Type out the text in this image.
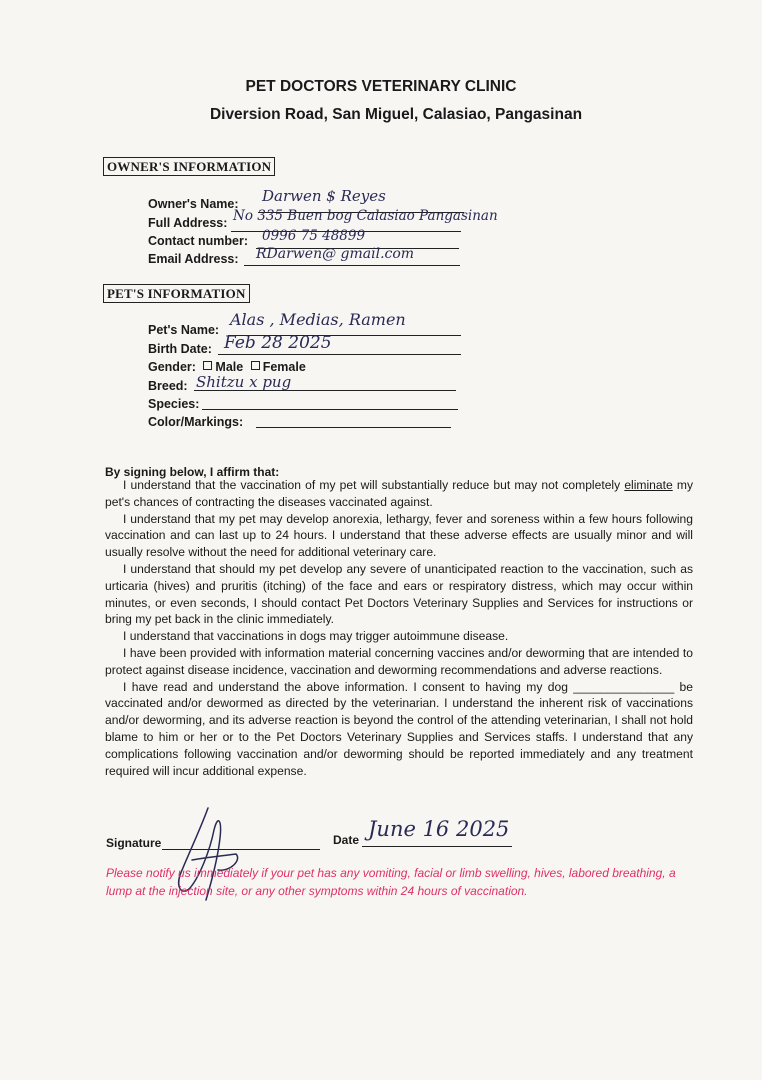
PET DOCTORS VETERINARY CLINIC
Diversion Road, San Miguel, Calasiao, Pangasinan
OWNER'S INFORMATION
Owner's Name: Darwen $ Reyes
Full Address: No 335 Buen bog Calasiao Pangasinan
Contact number: 0996 75 48899
Email Address: RDarwen@ gmail.com
PET'S INFORMATION
Pet's Name:
Alas , Medias, Ramen
Birth Date: Feb 28 2025
Gender: Male Female
Breed: Shitzu x pug
Species:
Color/Markings:
By signing below, I affirm that:

I understand that the vaccination of my pet will substantially reduce but may not completely eliminate my pet's chances of contracting the diseases vaccinated against.

I understand that my pet may develop anorexia, lethargy, fever and soreness within a few hours following vaccination and can last up to 24 hours. I understand that these adverse effects are usually minor and will usually resolve without the need for additional veterinary care.

I understand that should my pet develop any severe of unanticipated reaction to the vaccination, such as urticaria (hives) and pruritis (itching) of the face and ears or respiratory distress, which may occur within minutes, or even seconds, I should contact Pet Doctors Veterinary Supplies and Services for instructions or bring my pet back in the clinic immediately.

I understand that vaccinations in dogs may trigger autoimmune disease.

I have been provided with information material concerning vaccines and/or deworming that are intended to protect against disease incidence, vaccination and deworming recommendations and adverse reactions.

I have read and understand the above information. I consent to having my dog _______________ be vaccinated and/or dewormed as directed by the veterinarian. I understand the inherent risk of vaccinations and/or deworming, and its adverse reaction is beyond the control of the attending veterinarian, I shall not hold blame to him or her or to the Pet Doctors Veterinary Supplies and Services staffs. I understand that any complications following vaccination and/or deworming should be reported immediately and any treatment required will incur additional expense.

Signature	Date June 16 2025
Please notify us immediately if your pet has any vomiting, facial or limb swelling, hives, labored breathing, a lump at the injection site, or any other symptoms within 24 hours of vaccination.
